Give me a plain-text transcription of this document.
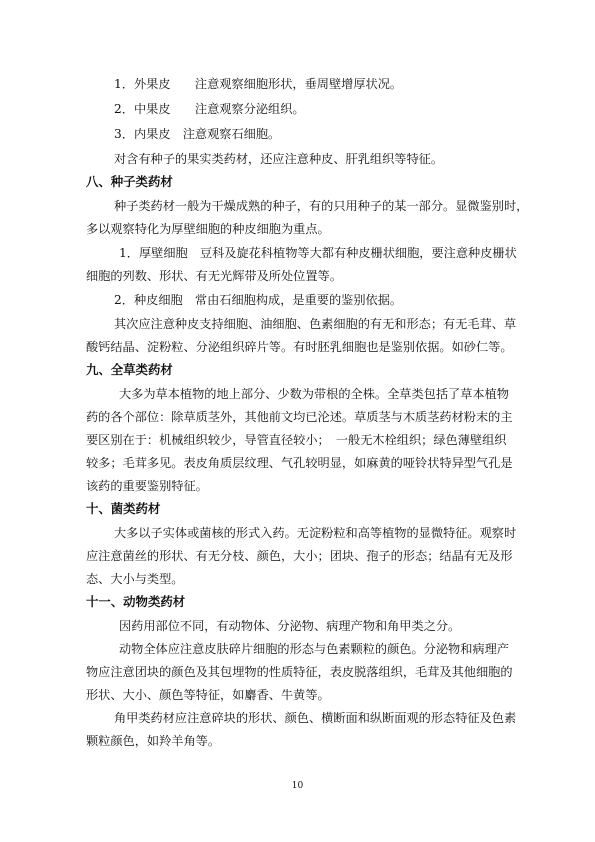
1．外果皮　　 注意观察细胞形状，垂周壁增厚状况。
2．中果皮　　 注意观察分泌组织。
3．内果皮　 注意观察石细胞。
对含有种子的果实类药材，还应注意种皮、肝乳组织等特征。
八、种子类药材
种子类药材一般为干燥成熟的种子，有的只用种子的某一部分。显微鉴别时，
多以观察特化为厚壁细胞的种皮细胞为重点。
1．厚壁细胞　豆科及旋花科植物等大都有种皮栅状细胞，要注意种皮栅状
细胞的列数、形状、有无光辉带及所处位置等。
2．种皮细胞　常由石细胞构成，是重要的鉴别依据。
其次应注意种皮支持细胞、油细胞、色素细胞的有无和形态；有无毛茸、草
酸钙结晶、淀粉粒、分泌组织碎片等。有时胚乳细胞也是鉴别依据。如砂仁等。
九、全草类药材
大多为草本植物的地上部分、少数为带根的全株。全草类包括了草本植物
药的各个部位：除草质茎外，其他前文均已沦述。草质茎与木质茎药材粉末的主
要区别在于：机械组织较少，导管直径较小；　一般无木栓组织；绿色薄壁组织
较多；毛茸多见。表皮角质层纹理、气孔较明显，如麻黄的哑铃状特异型气孔是
该药的重要鉴别特征。
十、菌类药材
大多以子实体或菌核的形式入药。无淀粉粒和高等植物的显微特征。观察时
应注意菌丝的形状、有无分枝、颜色，大小；团块、孢子的形态；结晶有无及形
态、大小与类型。
十一、动物类药材
因药用部位不同，有动物体、分泌物、病理产物和角甲类之分。
动物全体应注意皮肤碎片细胞的形态与色素颗粒的颜色。分泌物和病理产
物应注意团块的颜色及其包埋物的性质特征，表皮脱落组织，毛茸及其他细胞的
形状、大小、颜色等特征，如麝香、牛黄等。
角甲类药材应注意碎块的形状、颜色、横断面和纵断面观的形态特征及色素
颗粒颜色，如羚羊角等。
10
